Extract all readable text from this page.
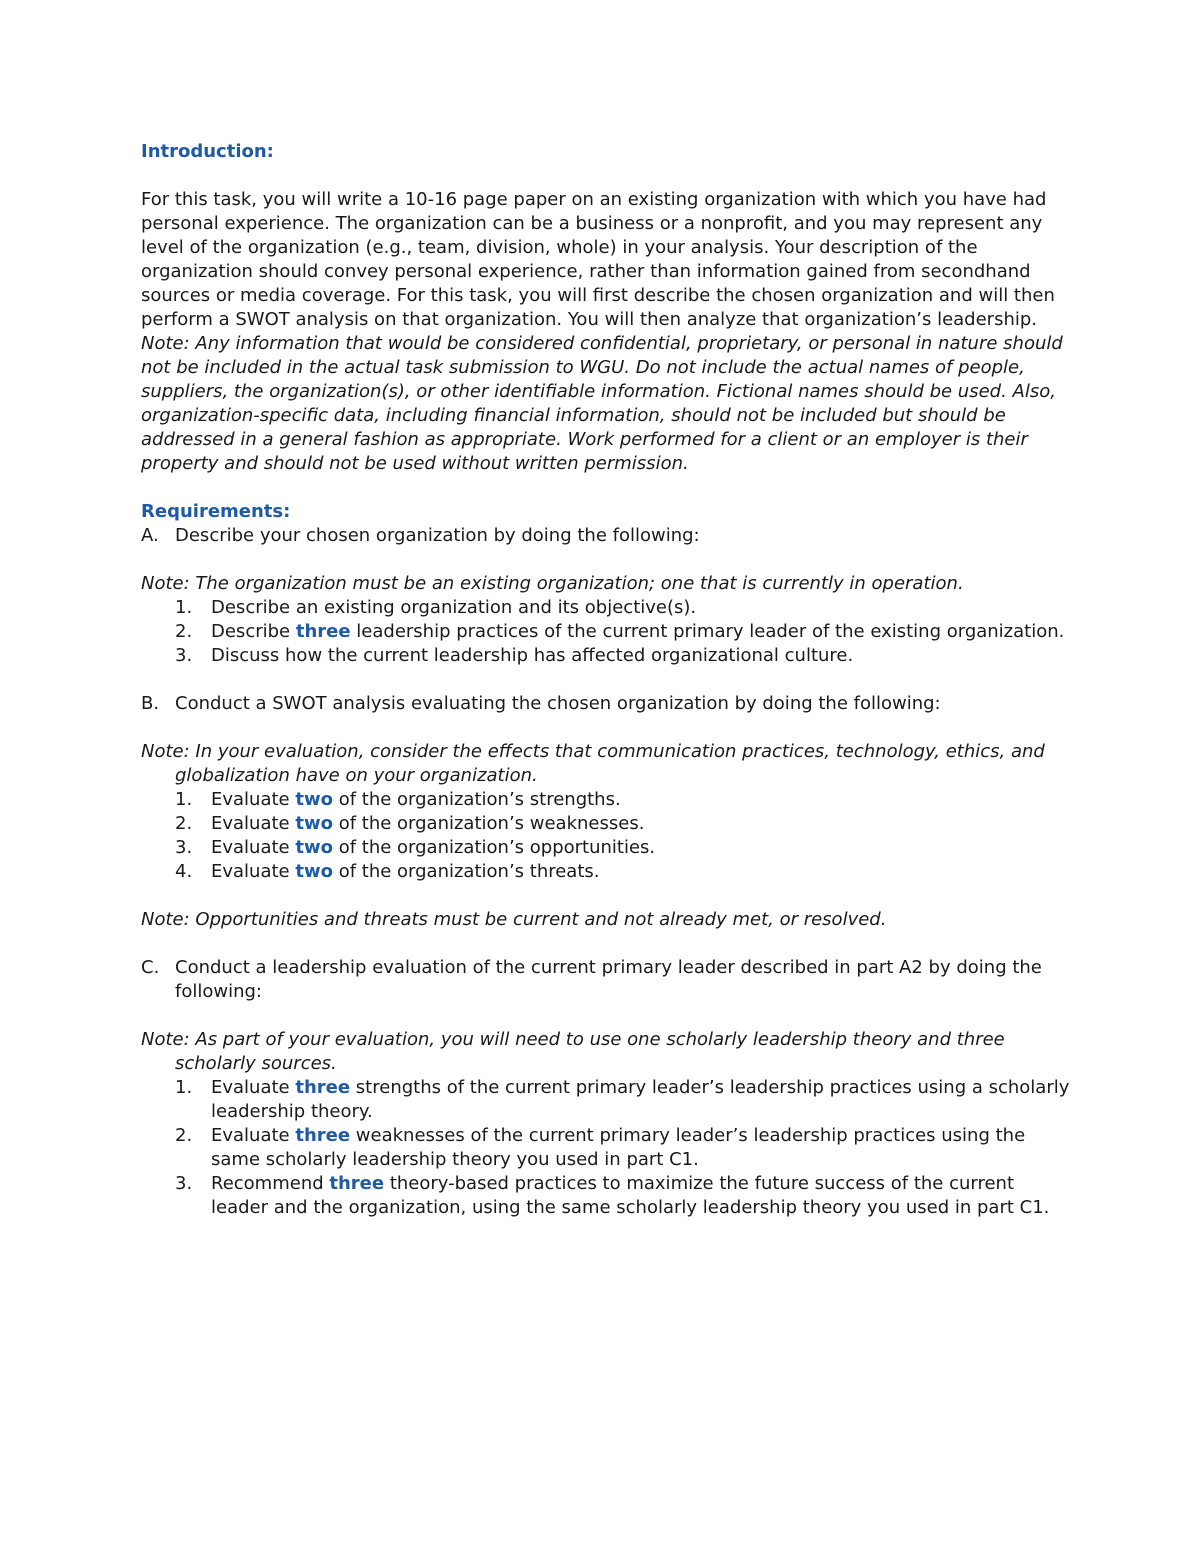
Introduction:

For this task, you will write a 10-16 page paper on an existing organization with which you have had personal experience. The organization can be a business or a nonprofit, and you may represent any level of the organization (e.g., team, division, whole) in your analysis. Your description of the organization should convey personal experience, rather than information gained from secondhand sources or media coverage. For this task, you will first describe the chosen organization and will then perform a SWOT analysis on that organization. You will then analyze that organization’s leadership.

Note: Any information that would be considered confidential, proprietary, or personal in nature should not be included in the actual task submission to WGU. Do not include the actual names of people, suppliers, the organization(s), or other identifiable information. Fictional names should be used. Also, organization-specific data, including financial information, should not be included but should be addressed in a general fashion as appropriate. Work performed for a client or an employer is their property and should not be used without written permission.

Requirements:

A. Describe your chosen organization by doing the following:

Note: The organization must be an existing organization; one that is currently in operation.

1. Describe an existing organization and its objective(s).
2. Describe three leadership practices of the current primary leader of the existing organization.
3. Discuss how the current leadership has affected organizational culture.
B. Conduct a SWOT analysis evaluating the chosen organization by doing the following:

Note: In your evaluation, consider the effects that communication practices, technology, ethics, and globalization have on your organization.

1. Evaluate two of the organization’s strengths.
2. Evaluate two of the organization’s weaknesses.
3. Evaluate two of the organization’s opportunities.
4. Evaluate two of the organization’s threats.

Note: Opportunities and threats must be current and not already met, or resolved.

C. Conduct a leadership evaluation of the current primary leader described in part A2 by doing the following:

Note: As part of your evaluation, you will need to use one scholarly leadership theory and three scholarly sources.

1. Evaluate three strengths of the current primary leader’s leadership practices using a scholarly leadership theory.
2. Evaluate three weaknesses of the current primary leader’s leadership practices using the same scholarly leadership theory you used in part C1.
3. Recommend three theory-based practices to maximize the future success of the current leader and the organization, using the same scholarly leadership theory you used in part C1.
